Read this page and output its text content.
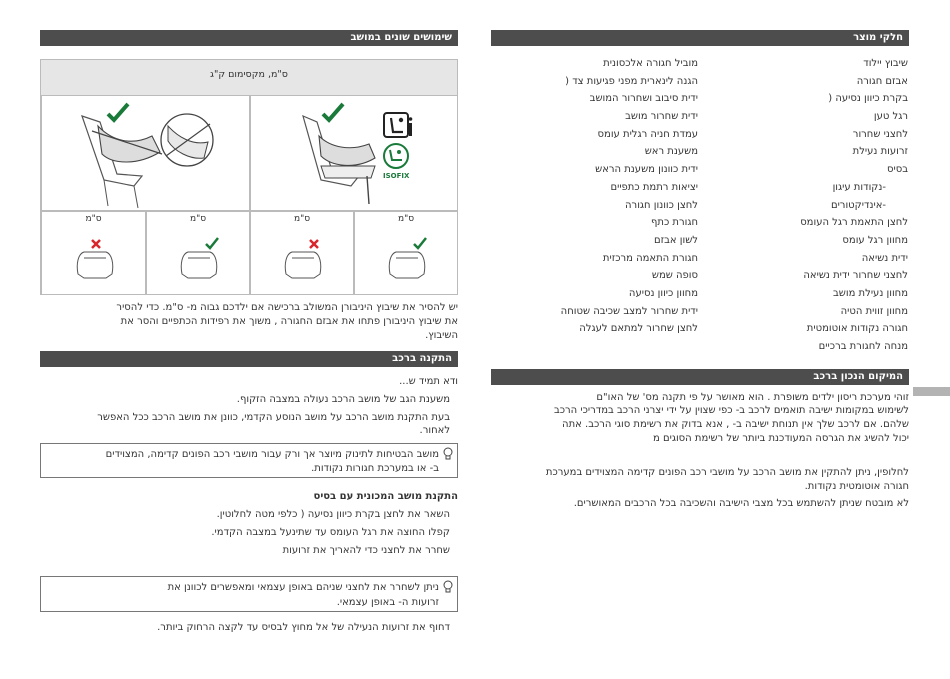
חלקי מוצר
שיבוץ יילוד
אבזם חגורה
בקרת כיוון נסיעה (
רגל טען
לחצני שחרור
זרועות נעילת
בסיס
-נקודות עיגון
-אינדיקטורים
לחצן התאמת רגל העומס
מחוון רגל עומס
ידית נשיאה
לחצני שחרור ידית נשיאה
מחוון נעילת מושב
מחוון זווית הטיה
חגורה נקודות אוטומטית
מנחה לחגורת ברכיים
מוביל חגורה אלכסונית
הגנה לינארית מפני פגיעות צד (
ידית סיבוב ושחרור המושב
ידית שחרור מושב
עמדת חניה רגלית עומס
משענת ראש
ידית כוונון משענת הראש
יציאות רתמת כתפיים
לחצן כוונון חגורה
חגורת כתף
לשון אבזם
חגורת התאמה מרכזית
סופה שמש
מחוון כיוון נסיעה
ידית שחרור למצב שכיבה שטוחה
לחצן שחרור למתאם לעגלה
המיקום הנכון ברכב
זוהי מערכת ריסון ילדים משופרת . הוא מאושר על פי תקנה מס' של האו"ם
לשימוש במקומות ישיבה תואמים לרכב ב- כפי שצוין על ידי יצרני הרכב במדריכי הרכב
שלהם. אם לרכב שלך אין תנוחת ישיבה ב- , אנא בדוק את רשימת סוגי הרכב. אתה
יכול להשיג את הגרסה המעודכנת ביותר של רשימת הסוגים מ
לחלופין, ניתן להתקין את מושב הרכב על מושבי רכב הפונים קדימה המצוידים במערכת
חגורה אוטומטית נקודות.
לא מובטח שניתן להשתמש בכל מצבי הישיבה והשכיבה בכל הרכבים המאושרים.
שימושים שונים במושב
ס"מ, מקסימום ק"ג
ISOFIX
ס"מ	ס"מ	ס"מ	ס"מ
יש להסיר את שיבוץ היניבורן המשולב ברכישה אם ילדכם גבוה מ- ס"מ. כדי להסיר
את שיבוץ היניבורן פתחו את אבזם החגורה , משוך את רפידות הכתפיים והסר את
השיבוץ.
התקנה ברכב
ודא תמיד ש...
משענת הגב של מושב הרכב נעולה במצבה הזקוף.
בעת התקנת מושב הרכב על מושב הנוסע הקדמי, כוונן את מושב הרכב ככל האפשר
לאחור.
מושב הבטיחות לתינוק מיוצר אך ורק עבור מושבי רכב הפונים קדימה, המצוידים
ב- או במערכת חגורות נקודות.
התקנת מושב המכונית עם בסיס
השאר את לחצן בקרת כיוון נסיעה ( כלפי מטה לחלוטין.
קפלו החוצה את רגל העומס עד שתינעל במצבה הקדמי.
שחרר את לחצני כדי להאריך את זרועות
ניתן לשחרר את לחצני שניהם באופן עצמאי ומאפשרים לכוונן את
זרועות ה- באופן עצמאי.
דחוף את זרועות הנעילה של אל מחוץ לבסיס עד לקצה הרחוק ביותר.
